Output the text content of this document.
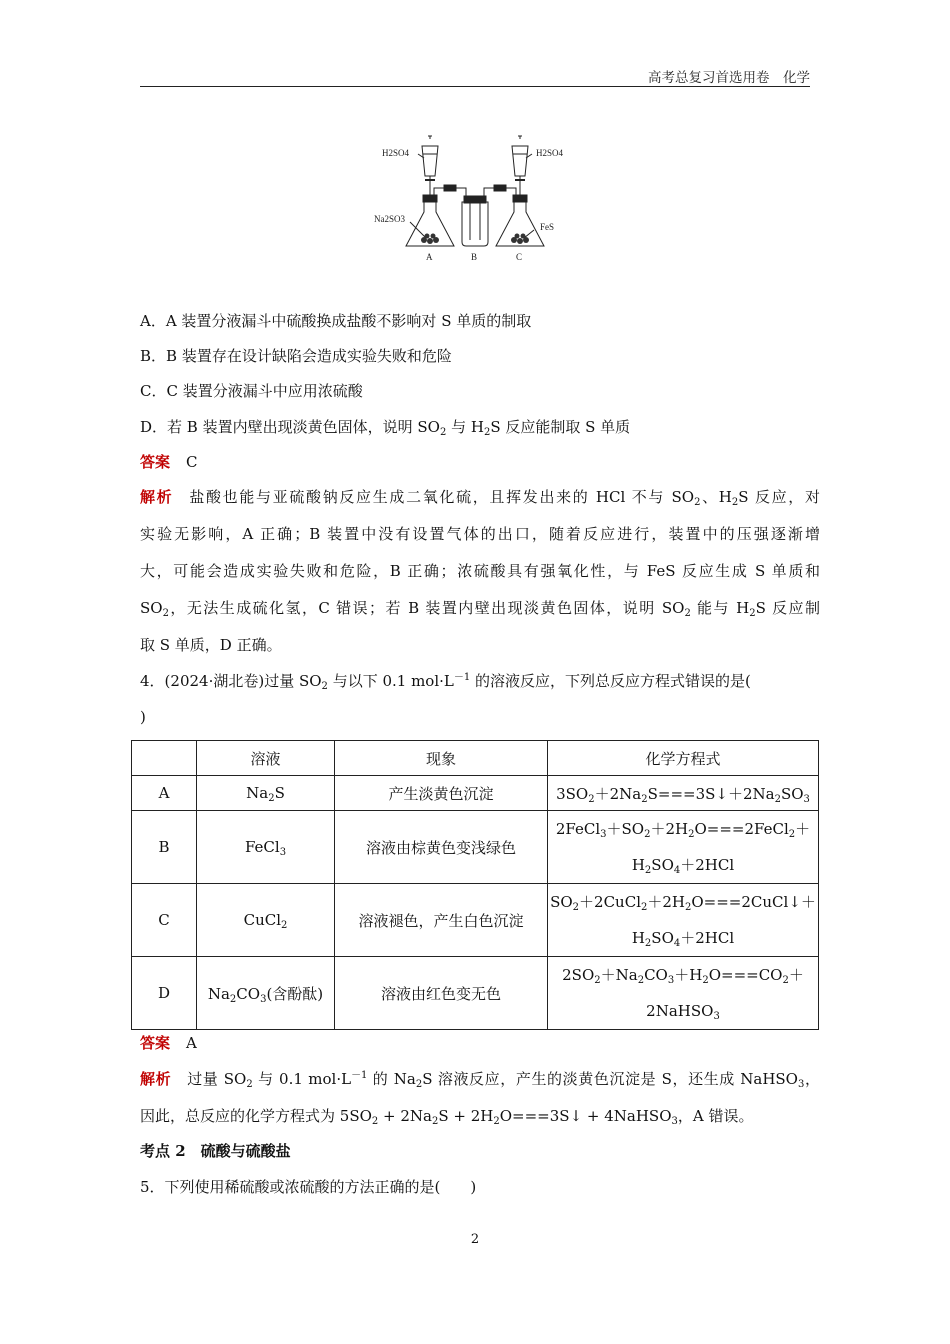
高考总复习首选用卷　化学
H2SO4	H2SO4
Na2SO3
FeS
A	B	C
A．A 装置分液漏斗中硫酸换成盐酸不影响对 S 单质的制取
B．B 装置存在设计缺陷会造成实验失败和危险
C．C 装置分液漏斗中应用浓硫酸
D．若 B 装置内壁出现淡黄色固体，说明 $SO_2$ 与 $H_2S$ 反应能制取 S 单质
答案 C
解析 盐酸也能与亚硫酸钠反应生成二氧化硫，且挥发出来的 HCl 不与 $SO_2$、$H_2S$ 反应，对
实验无影响，A 正确；B 装置中没有设置气体的出口，随着反应进行，装置中的压强逐渐增
大，可能会造成实验失败和危险，B 正确；浓硫酸具有强氧化性，与 FeS 反应生成 S 单质和
$SO_2$，无法生成硫化氢，C 错误；若 B 装置内壁出现淡黄色固体，说明 $SO_2$ 能与 $H_2S$ 反应制
取 S 单质，D 正确。
4．(2024·湖北卷)过量 $SO_2$ 与以下 0.1 $mol\cdot L^{-1}$ 的溶液反应，下列总反应方程式错误的是(
)
	溶液	现象	化学方程式
A	$Na_2S$	产生淡黄色沉淀	$3SO_2+2Na_2S===3S↓+2Na_2SO_3$
B	FeCl$_3$	溶液由棕黄色变浅绿色	$2FeCl_3+SO_2+2H_2O===2FeCl_2+$
$H_2SO_4+2HCl$

C	CuCl$_2$	溶液褪色，产生白色沉淀	$SO_2+2CuCl_2+2H_2O===2CuCl↓+$
$H_2SO_4+2HCl$

D	$Na_2CO_3$(含酚酞)	溶液由红色变无色	$2SO_2+Na_2CO_3+H_2O===CO_2+$
2NaHSO$_3$
答案 A
解析 过量 $SO_2$ 与 0.1 $mol\cdot L^{-1}$ 的 $Na_2S$ 溶液反应，产生的淡黄色沉淀是 S，还生成 NaHSO$_3$，
因此，总反应的化学方程式为 $5SO_2 + 2Na_2S$ + $2H_2O===3S↓$ + 4NaHSO$_3$，A 错误。
考点 2　硫酸与硫酸盐
5．下列使用稀硫酸或浓硫酸的方法正确的是(　　)
2
